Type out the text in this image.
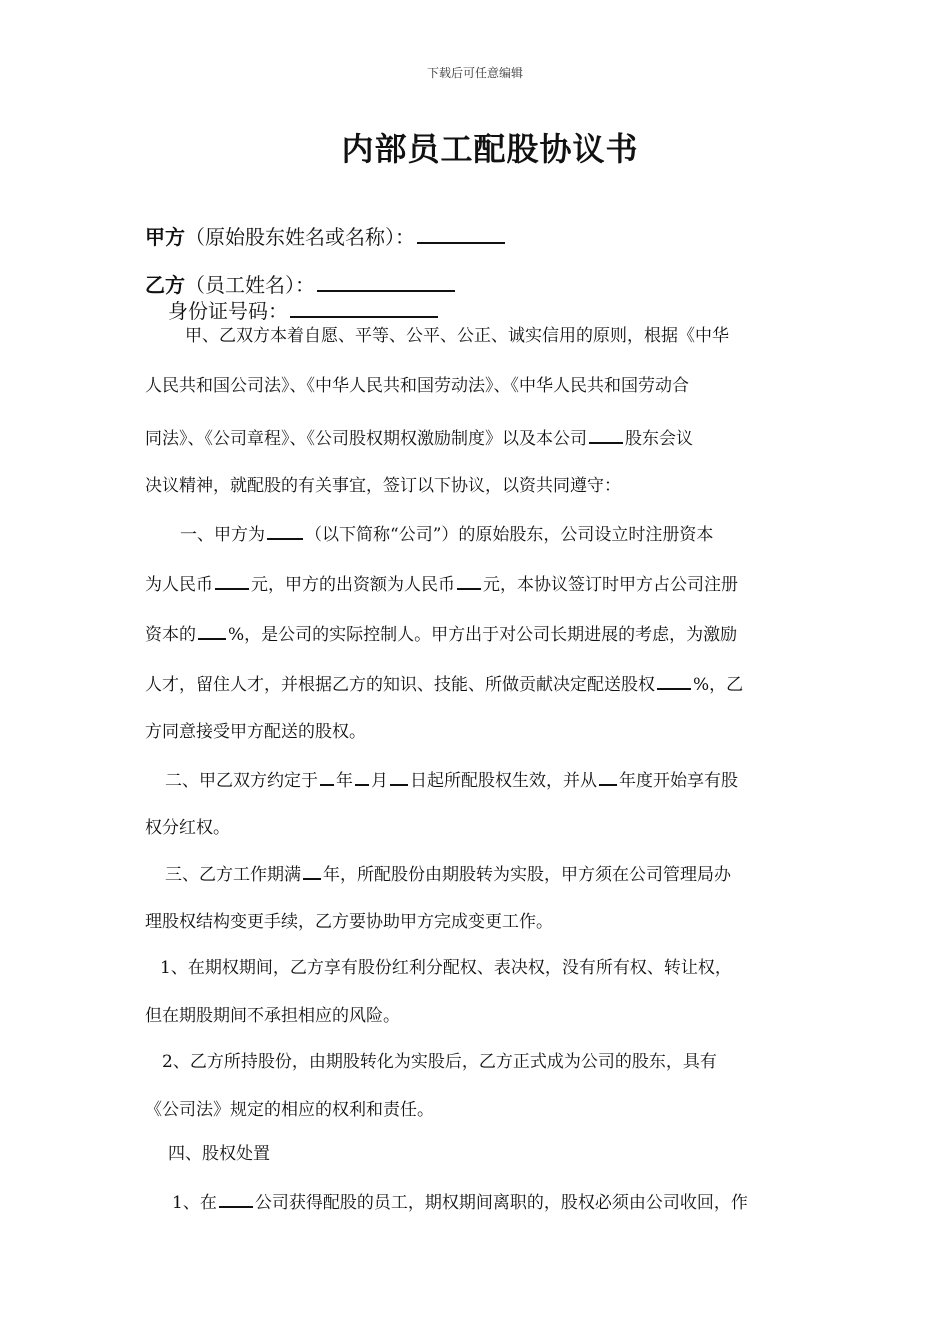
下载后可任意编辑
内部员工配股协议书
甲方（原始股东姓名或名称）：
乙方（员工姓名）：
身份证号码：
甲、乙双方本着自愿、平等、公平、公正、诚实信用的原则，根据《中华
人民共和国公司法》、《中华人民共和国劳动法》、《中华人民共和国劳动合
同法》、《公司章程》、《公司股权期权激励制度》以及本公司 股东会议
决议精神，就配股的有关事宜，签订以下协议，以资共同遵守：
一、甲方为 （以下简称“公司”）的原始股东，公司设立时注册资本
为人民币 元，甲方的出资额为人民币 元，本协议签订时甲方占公司注册
资本的 %，是公司的实际控制人。甲方出于对公司长期进展的考虑，为激励
人才，留住人才，并根据乙方的知识、技能、所做贡献决定配送股权 %，乙
方同意接受甲方配送的股权。
二、甲乙双方约定于 年 月 日起所配股权生效，并从 年度开始享有股
权分红权。
三、乙方工作期满 年，所配股份由期股转为实股，甲方须在公司管理局办
理股权结构变更手续，乙方要协助甲方完成变更工作。
1、在期权期间，乙方享有股份红利分配权、表决权，没有所有权、转让权，
但在期股期间不承担相应的风险。
2、乙方所持股份，由期股转化为实股后，乙方正式成为公司的股东，具有
《公司法》规定的相应的权利和责任。
四、股权处置
1、在 公司获得配股的员工，期权期间离职的，股权必须由公司收回，作
